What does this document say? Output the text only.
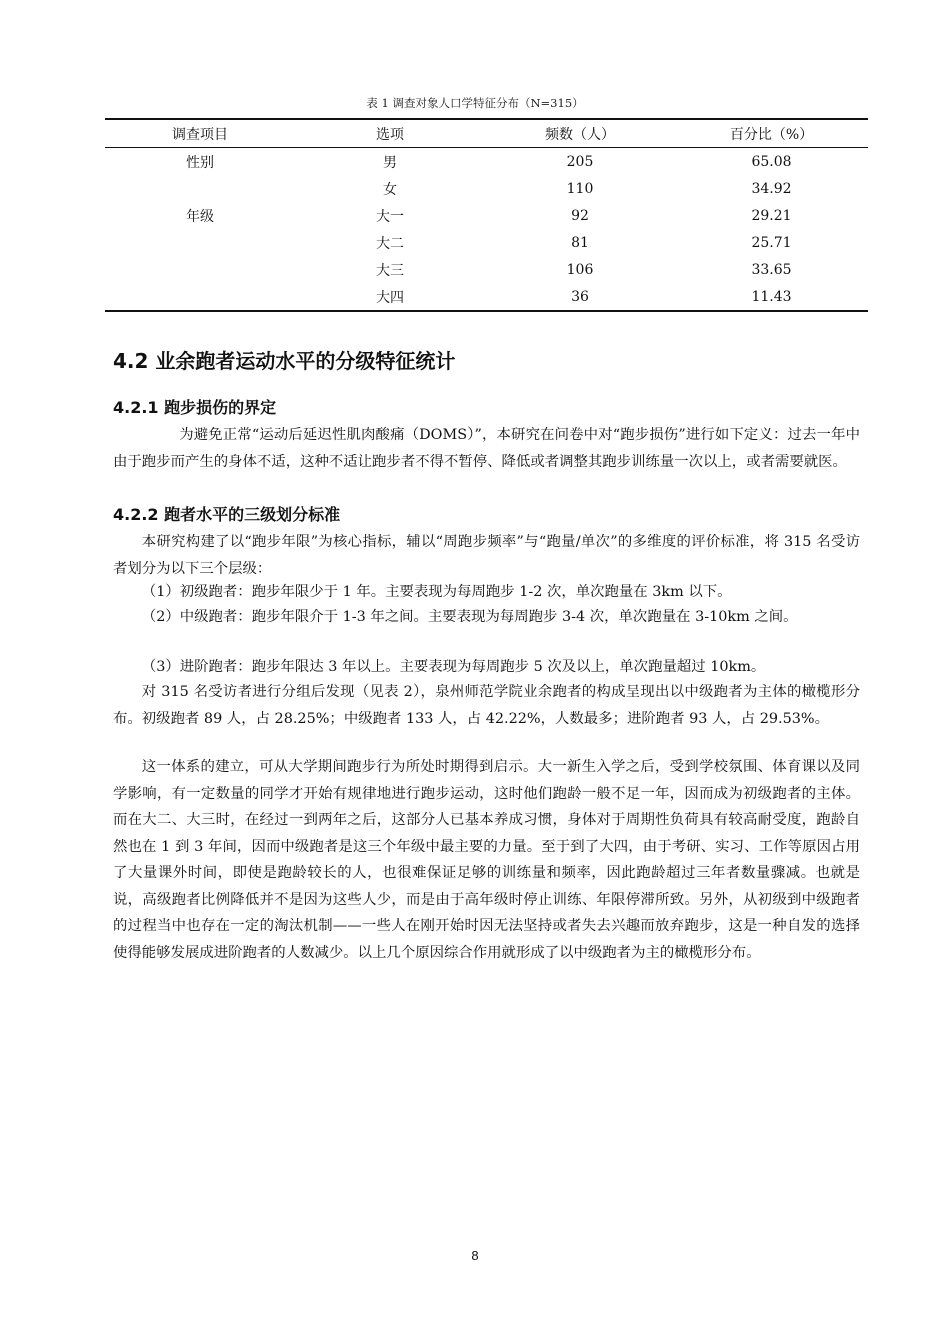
表 1 调查对象人口学特征分布（N=315）
调查项目	选项	频数（人）	百分比（%）
性别	男	205	65.08
	女	110	34.92
年级	大一	92	29.21
	大二	81	25.71
	大三	106	33.65
	大四	36	11.43
4.2 业余跑者运动水平的分级特征统计
4.2.1 跑步损伤的界定

为避免正常“运动后延迟性肌肉酸痛（DOMS）”，本研究在问卷中对“跑步损伤”进行如下定义：过去一年中由于跑步而产生的身体不适，这种不适让跑步者不得不暂停、降低或者调整其跑步训练量一次以上，或者需要就医。

4.2.2 跑者水平的三级划分标准

本研究构建了以“跑步年限”为核心指标，辅以“周跑步频率”与“跑量/单次”的多维度的评价标准，将 315 名受访者划分为以下三个层级：

（1）初级跑者：跑步年限少于 1 年。主要表现为每周跑步 1-2 次，单次跑量在 3km 以下。

（2）中级跑者：跑步年限介于 1-3 年之间。主要表现为每周跑步 3-4 次，单次跑量在 3-10km 之间。

（3）进阶跑者：跑步年限达 3 年以上。主要表现为每周跑步 5 次及以上，单次跑量超过 10km。

对 315 名受访者进行分组后发现（见表 2），泉州师范学院业余跑者的构成呈现出以中级跑者为主体的橄榄形分布。初级跑者 89 人，占 28.25%；中级跑者 133 人，占 42.22%，人数最多；进阶跑者 93 人，占 29.53%。

这一体系的建立，可从大学期间跑步行为所处时期得到启示。大一新生入学之后，受到学校氛围、体育课以及同学影响，有一定数量的同学才开始有规律地进行跑步运动，这时他们跑龄一般不足一年，因而成为初级跑者的主体。而在大二、大三时，在经过一到两年之后，这部分人已基本养成习惯，身体对于周期性负荷具有较高耐受度，跑龄自然也在 1 到 3 年间，因而中级跑者是这三个年级中最主要的力量。至于到了大四，由于考研、实习、工作等原因占用了大量课外时间，即使是跑龄较长的人，也很难保证足够的训练量和频率，因此跑龄超过三年者数量骤减。也就是说，高级跑者比例降低并不是因为这些人少，而是由于高年级时停止训练、年限停滞所致。另外，从初级到中级跑者的过程当中也存在一定的淘汰机制——一些人在刚开始时因无法坚持或者失去兴趣而放弃跑步，这是一种自发的选择使得能够发展成进阶跑者的人数减少。以上几个原因综合作用就形成了以中级跑者为主的橄榄形分布。

8
